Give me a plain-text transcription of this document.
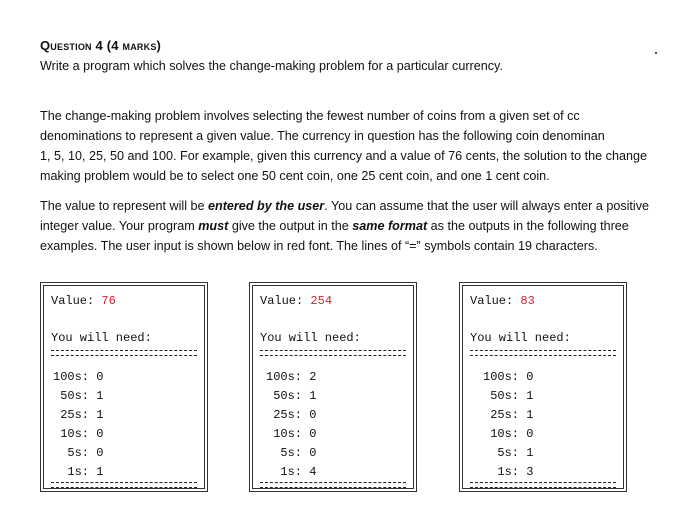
Question 4 (4 marks)
Write a program which solves the change-making problem for a particular currency.
The change-making problem involves selecting the fewest number of coins from a given set of cc
denominations to represent a given value. The currency in question has the following coin denominan
1, 5, 10, 25, 50 and 100. For example, given this currency and a value of 76 cents, the solution to the change
making problem would be to select one 50 cent coin, one 25 cent coin, and one 1 cent coin.
The value to represent will be entered by the user. You can assume that the user will always enter a positive
integer value. Your program must give the output in the same format as the outputs in the following three
examples. The user input is shown below in red font. The lines of “=” symbols contain 19 characters.
Value: 76
You will need:
100s: 0
50s: 1
25s: 1
10s: 0
5s: 0
1s: 1
Value: 254
You will need:
100s: 2
50s: 1
25s: 0
10s: 0
5s: 0
1s: 4
Value: 83
You will need:
100s: 0
50s: 1
25s: 1
10s: 0
5s: 1
1s: 3
